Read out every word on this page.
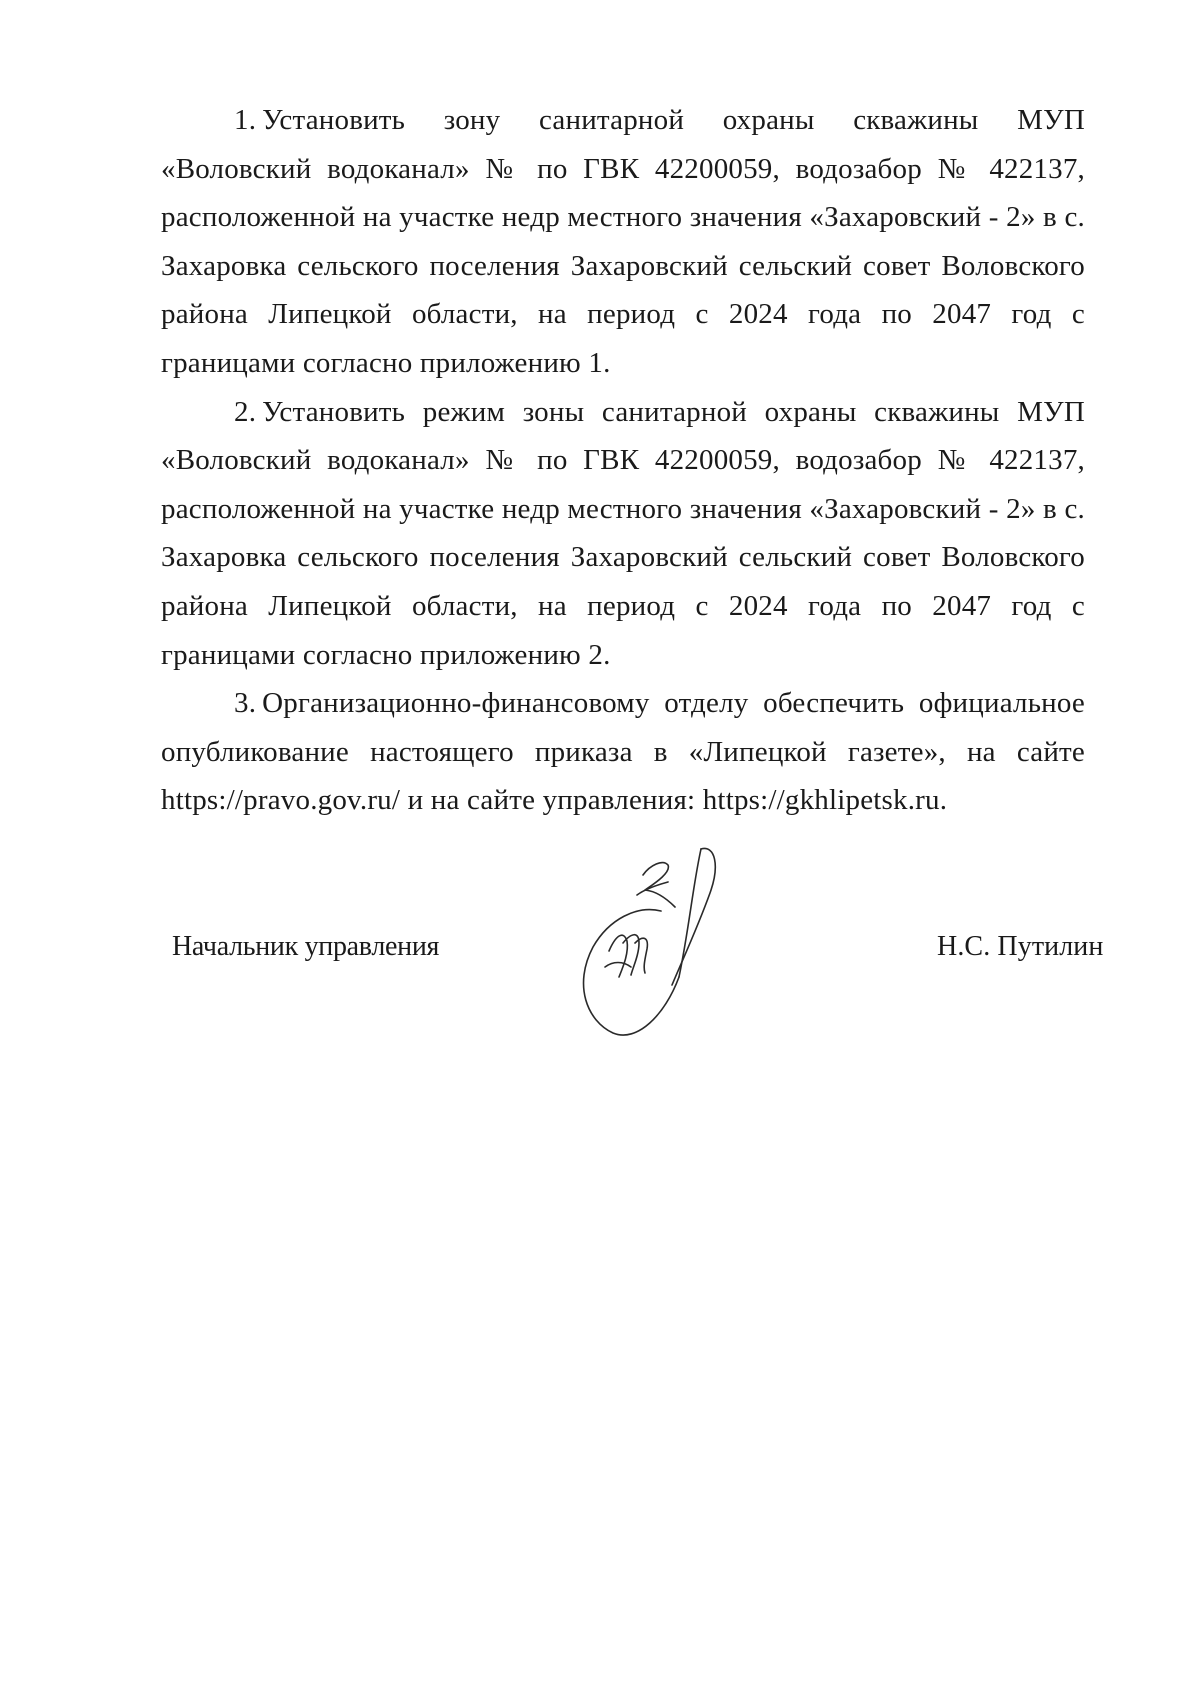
1. Установить зону санитарной охраны скважины МУП «Воловский водоканал» № по ГВК 42200059, водозабор № 422137, расположенной на участке недр местного значения «Захаровский - 2» в с. Захаровка сельского поселения Захаровский сельский совет Воловского района Липецкой области, на период с 2024 года по 2047 год с границами согласно приложению 1.

2. Установить режим зоны санитарной охраны скважины МУП «Воловский водоканал» № по ГВК 42200059, водозабор № 422137, расположенной на участке недр местного значения «Захаровский - 2» в с. Захаровка сельского поселения Захаровский сельский совет Воловского района Липецкой области, на период с 2024 года по 2047 год с границами согласно приложению 2.

3. Организационно-финансовому отделу обеспечить официальное опубликование настоящего приказа в «Липецкой газете», на сайте https://pravo.gov.ru/ и на сайте управления: https://gkhlipetsk.ru.

Начальник управления	Н.С. Путилин
